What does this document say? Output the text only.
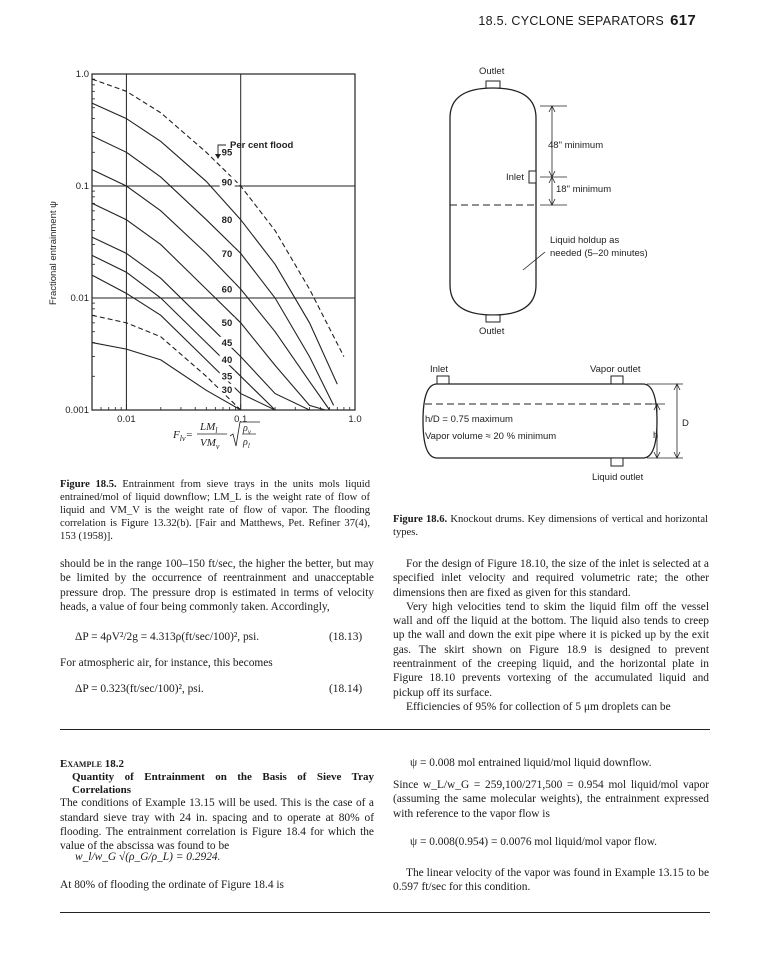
18.5. CYCLONE SEPARATORS 617
95
90
80
70
60
50
45
40
35
30
1.0
0.1
0.01
0.001
0.01	0.1	1.0
Fractional entrainment ψ
Per cent flood
$F_{lv}=$
$LM_l$
$VM_v$
$\rho_v$
$\rho_l$
Figure 18.5. Entrainment from sieve trays in the units mols liquid entrained/mol of liquid downflow; LM_L is the weight rate of flow of liquid and VM_V is the weight rate of flow of vapor. The flooding correlation is Figure 13.32(b). [Fair and Matthews, Pet. Refiner 37(4), 153 (1958)].
Outlet
Outlet
Inlet
48" minimum
18" minimum
Liquid holdup as
needed (5–20 minutes)
Inlet	Vapor outlet
Liquid outlet
h/D = 0.75 maximum
Vapor volume ≈ 20 % minimum	h
D
Figure 18.6. Knockout drums. Key dimensions of vertical and horizontal types.

should be in the range 100–150 ft/sec, the higher the better, but may be limited by the occurrence of reentrainment and unacceptable pressure drop. The pressure drop is estimated in terms of velocity heads, a value of four being commonly taken. Accordingly,

ΔP = 4ρV²/2g = 4.313ρ(ft/sec/100)², psi.	(18.13)
For atmospheric air, for instance, this becomes
ΔP = 0.323(ft/sec/100)², psi.	(18.14)

For the design of Figure 18.10, the size of the inlet is selected at a specified inlet velocity and required volumetric rate; the other dimensions then are fixed as given for this standard.

Very high velocities tend to skim the liquid film off the vessel wall and off the liquid at the bottom. The liquid also tends to creep up the wall and down the exit pipe where it is picked up by the exit gas. The skirt shown on Figure 18.9 is designed to prevent reentrainment of the creeping liquid, and the horizontal plate in Figure 18.10 prevents vortexing of the accumulated liquid and pickup off its surface.

Efficiencies of 95% for collection of 5 μm droplets can be

Example 18.2
Quantity of Entrainment on the Basis of Sieve Tray Correlations

The conditions of Example 13.15 will be used. This is the case of a standard sieve tray with 24 in. spacing and to operate at 80% of flooding. The entrainment correlation is Figure 18.4 for which the value of the abscissa was found to be

w_l/w_G √(ρ_G/ρ_L) = 0.2924.
At 80% of flooding the ordinate of Figure 18.4 is
ψ = 0.008 mol entrained liquid/mol liquid downflow.
Since w_L/w_G = 259,100/271,500 = 0.954 mol liquid/mol vapor (assuming the same molecular weights), the entrainment expressed with reference to the vapor flow is
ψ = 0.008(0.954) = 0.0076 mol liquid/mol vapor flow.
The linear velocity of the vapor was found in Example 13.15 to be 0.597 ft/sec for this condition.
